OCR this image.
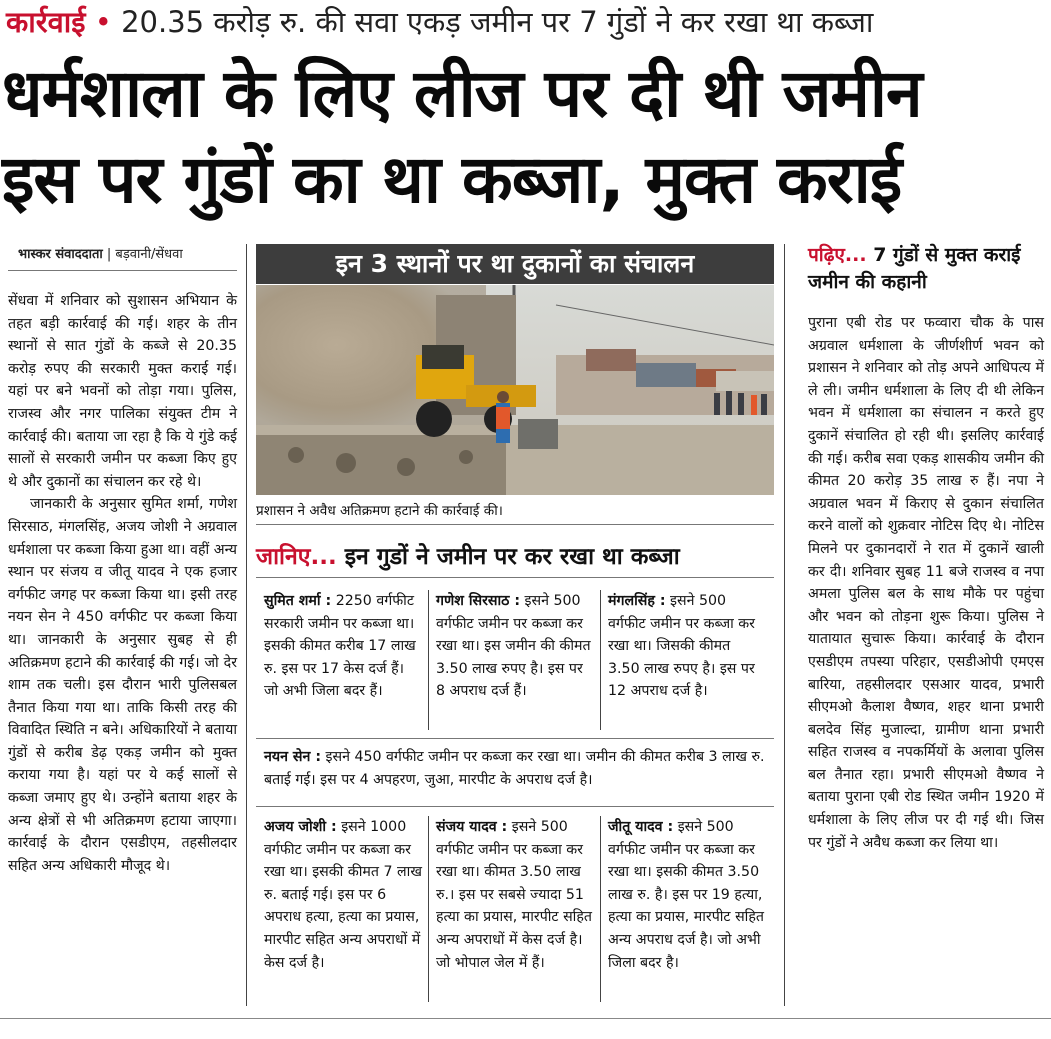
कार्रवाई • 20.35 करोड़ रु. की सवा एकड़ जमीन पर 7 गुंडों ने कर रखा था कब्जा
धर्मशाला के लिए लीज पर दी थी जमीन
इस पर गुंडों का था कब्जा, मुक्त कराई
भास्कर संवाददाता | बड़वानी/सेंधवा

सेंधवा में शनिवार को सुशासन अभियान के तहत बड़ी कार्रवाई की गई। शहर के तीन स्थानों से सात गुंडों के कब्जे से 20.35 करोड़ रुपए की सरकारी मुक्त कराई गई। यहां पर बने भवनों को तोड़ा गया। पुलिस, राजस्व और नगर पालिका संयुक्त टीम ने कार्रवाई की। बताया जा रहा है कि ये गुंडे कई सालों से सरकारी जमीन पर कब्जा किए हुए थे और दुकानों का संचालन कर रहे थे।

जानकारी के अनुसार सुमित शर्मा, गणेश सिरसाठ, मंगलसिंह, अजय जोशी ने अग्रवाल धर्मशाला पर कब्जा किया हुआ था। वहीं अन्य स्थान पर संजय व जीतू यादव ने एक हजार वर्गफीट जगह पर कब्जा किया था। इसी तरह नयन सेन ने 450 वर्गफीट पर कब्जा किया था। जानकारी के अनुसार सुबह से ही अतिक्रमण हटाने की कार्रवाई की गई। जो देर शाम तक चली। इस दौरान भारी पुलिसबल तैनात किया गया था। ताकि किसी तरह की विवादित स्थिति न बने। अधिकारियों ने बताया गुंडों से करीब डेढ़ एकड़ जमीन को मुक्त कराया गया है। यहां पर ये कई सालों से कब्जा जमाए हुए थे। उन्होंने बताया शहर के अन्य क्षेत्रों से भी अतिक्रमण हटाया जाएगा। कार्रवाई के दौरान एसडीएम, तहसीलदार सहित अन्य अधिकारी मौजूद थे।

इन 3 स्थानों पर था दुकानों का संचालन
प्रशासन ने अवैध अतिक्रमण हटाने की कार्रवाई की।
जानिए... इन गुडों ने जमीन पर कर रखा था कब्जा
सुमित शर्मा : 2250 वर्गफीट सरकारी जमीन पर कब्जा था। इसकी कीमत करीब 17 लाख रु. इस पर 17 केस दर्ज हैं। जो अभी जिला बदर हैं।
गणेश सिरसाठ : इसने 500 वर्गफीट जमीन पर कब्जा कर रखा था। इस जमीन की कीमत 3.50 लाख रुपए है। इस पर 8 अपराध दर्ज हैं।
मंगलसिंह : इसने 500 वर्गफीट जमीन पर कब्जा कर रखा था। जिसकी कीमत 3.50 लाख रुपए है। इस पर 12 अपराध दर्ज है।
नयन सेन : इसने 450 वर्गफीट जमीन पर कब्जा कर रखा था। जमीन की कीमत करीब 3 लाख रु. बताई गई। इस पर 4 अपहरण, जुआ, मारपीट के अपराध दर्ज है।
अजय जोशी : इसने 1000 वर्गफीट जमीन पर कब्जा कर रखा था। इसकी कीमत 7 लाख रु. बताई गई। इस पर 6 अपराध हत्या, हत्या का प्रयास, मारपीट सहित अन्य अपराधों में केस दर्ज है।
संजय यादव : इसने 500 वर्गफीट जमीन पर कब्जा कर रखा था। कीमत 3.50 लाख रु.। इस पर सबसे ज्यादा 51 हत्या का प्रयास, मारपीट सहित अन्य अपराधों में केस दर्ज है। जो भोपाल जेल में हैं।
जीतू यादव : इसने 500 वर्गफीट जमीन पर कब्जा कर रखा था। इसकी कीमत 3.50 लाख रु. है। इस पर 19 हत्या, हत्या का प्रयास, मारपीट सहित अन्य अपराध दर्ज है। जो अभी जिला बदर है।
पढ़िए... 7 गुंडों से मुक्त कराई जमीन की कहानी

पुराना एबी रोड पर फव्वारा चौक के पास अग्रवाल धर्मशाला के जीर्णशीर्ण भवन को प्रशासन ने शनिवार को तोड़ अपने आधिपत्य में ले ली। जमीन धर्मशाला के लिए दी थी लेकिन भवन में धर्मशाला का संचालन न करते हुए दुकानें संचालित हो रही थी। इसलिए कार्रवाई की गई। करीब सवा एकड़ शासकीय जमीन की कीमत 20 करोड़ 35 लाख रु हैं। नपा ने अग्रवाल भवन में किराए से दुकान संचालित करने वालों को शुक्रवार नोटिस दिए थे। नोटिस मिलने पर दुकानदारों ने रात में दुकानें खाली कर दी। शनिवार सुबह 11 बजे राजस्व व नपा अमला पुलिस बल के साथ मौके पर पहुंचा और भवन को तोड़ना शुरू किया। पुलिस ने यातायात सुचारू किया। कार्रवाई के दौरान एसडीएम तपस्या परिहार, एसडीओपी एमएस बारिया, तहसीलदार एसआर यादव, प्रभारी सीएमओ कैलाश वैष्णव, शहर थाना प्रभारी बलदेव सिंह मुजाल्दा, ग्रामीण थाना प्रभारी सहित राजस्व व नपकर्मियों के अलावा पुलिस बल तैनात रहा। प्रभारी सीएमओ वैष्णव ने बताया पुराना एबी रोड स्थित जमीन 1920 में धर्मशाला के लिए लीज पर दी गई थी। जिस पर गुंडों ने अवैध कब्जा कर लिया था।
